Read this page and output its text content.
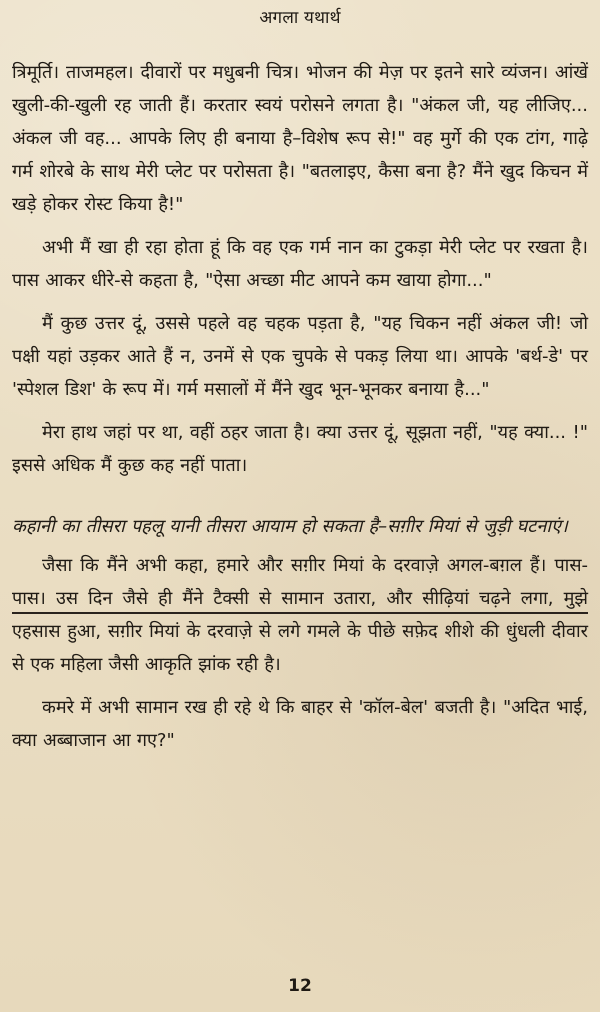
अगला यथार्थ

त्रिमूर्ति। ताजमहल। दीवारों पर मधुबनी चित्र। भोजन की मेज़ पर इतने सारे व्यंजन। आंखें खुली-की-खुली रह जाती हैं। करतार स्वयं परोसने लगता है। "अंकल जी, यह लीजिए... अंकल जी वह... आपके लिए ही बनाया है–विशेष रूप से!" वह मुर्गे की एक टांग, गाढ़े गर्म शोरबे के साथ मेरी प्लेट पर परोसता है। "बतलाइए, कैसा बना है? मैंने खुद किचन में खड़े होकर रोस्ट किया है!"

अभी मैं खा ही रहा होता हूं कि वह एक गर्म नान का टुकड़ा मेरी प्लेट पर रखता है। पास आकर धीरे-से कहता है, "ऐसा अच्छा मीट आपने कम खाया होगा..."

मैं कुछ उत्तर दूं, उससे पहले वह चहक पड़ता है, "यह चिकन नहीं अंकल जी! जो पक्षी यहां उड़कर आते हैं न, उनमें से एक चुपके से पकड़ लिया था। आपके 'बर्थ-डे' पर 'स्पेशल डिश' के रूप में। गर्म मसालों में मैंने खुद भून-भूनकर बनाया है..."

मेरा हाथ जहां पर था, वहीं ठहर जाता है। क्या उत्तर दूं, सूझता नहीं, "यह क्या... !" इससे अधिक मैं कुछ कह नहीं पाता।

कहानी का तीसरा पहलू यानी तीसरा आयाम हो सकता है–सग़ीर मियां से जुड़ी घटनाएं।

जैसा कि मैंने अभी कहा, हमारे और सग़ीर मियां के दरवाज़े अगल-बग़ल हैं। पास-पास। उस दिन जैसे ही मैंने टैक्सी से सामान उतारा, और सीढ़ियां चढ़ने लगा, मुझे एहसास हुआ, सग़ीर मियां के दरवाज़े से लगे गमले के पीछे सफ़ेद शीशे की धुंधली दीवार से एक महिला जैसी आकृति झांक रही है।

कमरे में अभी सामान रख ही रहे थे कि बाहर से 'कॉल-बेल' बजती है। "अदित भाई, क्या अब्बाजान आ गए?"

12
